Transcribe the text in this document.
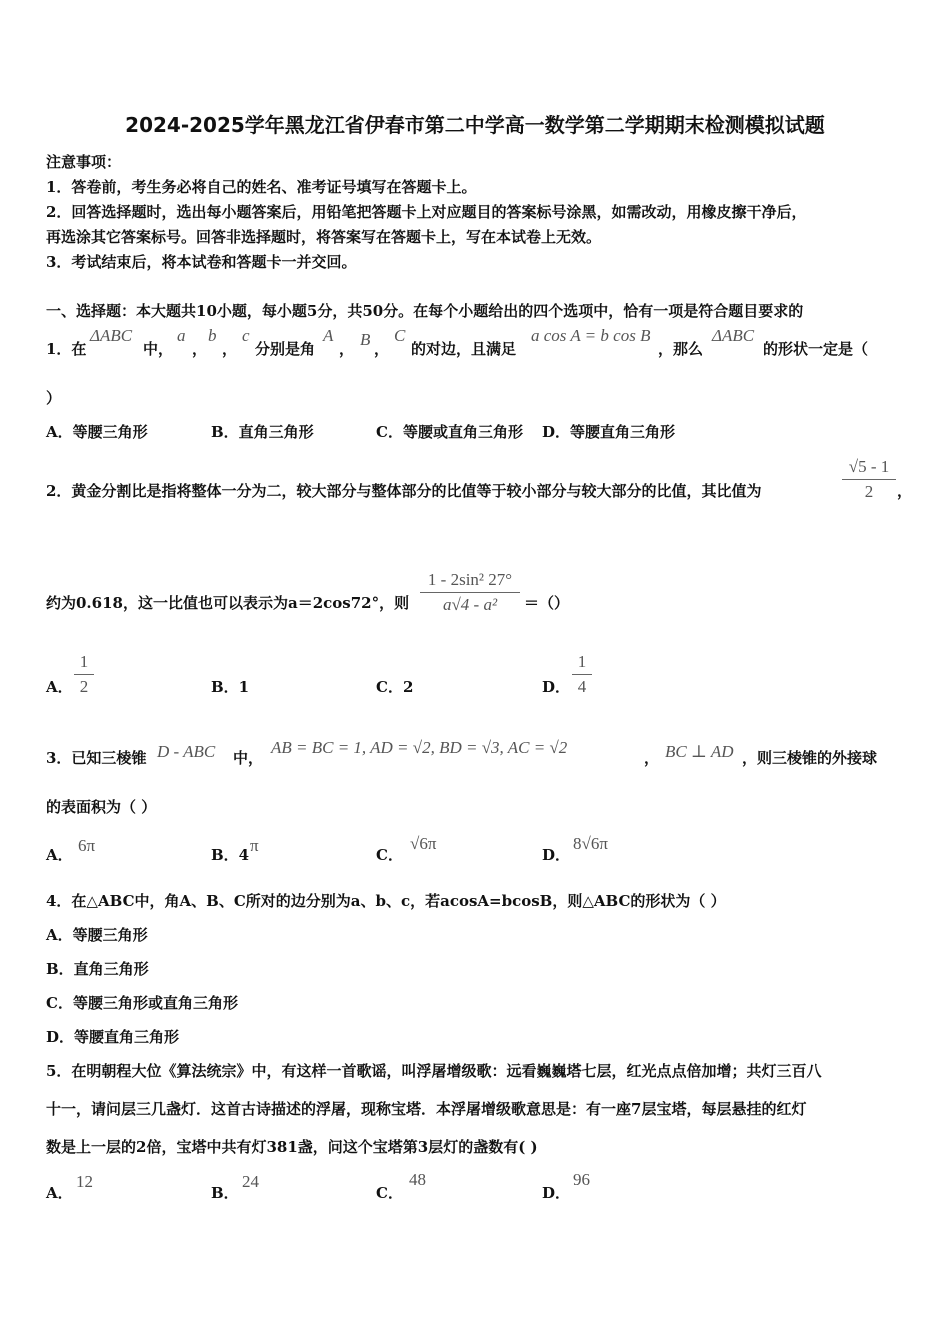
2024-2025学年黑龙江省伊春市第二中学高一数学第二学期期末检测模拟试题
注意事项：
1．答卷前，考生务必将自己的姓名、准考证号填写在答题卡上。
2．回答选择题时，选出每小题答案后，用铅笔把答题卡上对应题目的答案标号涂黑，如需改动，用橡皮擦干净后，
再选涂其它答案标号。回答非选择题时，将答案写在答题卡上，写在本试卷上无效。
3．考试结束后，将本试卷和答题卡一并交回。
一、选择题：本大题共10小题，每小题5分，共50分。在每个小题给出的四个选项中，恰有一项是符合题目要求的
1．在
ΔABC
中，
a
，
b
，
c
分别是角
A
， B ，
C
的对边，且满足
a cos A = b cos B
，那么
ΔABC
的形状一定是（
）
A．等腰三角形	B．直角三角形	C．等腰或直角三角形 D．等腰直角三角形
2．黄金分割比是指将整体一分为二，较大部分与整体部分的比值等于较小部分与较大部分的比值，其比值为
√5 - 1
2	，
约为0.618，这一比值也可以表示为a＝2cos72°，则
1 - 2sin² 27°
a√4 - a²	＝（）
A．
1
2	B．1	C．2	D．
1
4
3．已知三棱锥 D - ABC 中，
AB = BC = 1, AD = √2, BD = √3, AC = √2
， BC ⊥ AD ，则三棱锥的外接球
的表面积为（ ）
A． 6π	B．4 π	C．
√6π
D．
8√6π
4．在△ABC中，角A、B、C所对的边分别为a、b、c，若acosA=bcosB，则△ABC的形状为（ ）
A．等腰三角形
B．直角三角形
C．等腰三角形或直角三角形
D．等腰直角三角形
5．在明朝程大位《算法统宗》中，有这样一首歌谣，叫浮屠增级歌：远看巍巍塔七层，红光点点倍加增；共灯三百八
十一，请问层三几盏灯．这首古诗描述的浮屠，现称宝塔．本浮屠增级歌意思是：有一座7层宝塔，每层悬挂的红灯
数是上一层的2倍，宝塔中共有灯381盏，问这个宝塔第3层灯的盏数有( )
A．
12
B．
24
C．
48
D．
96
